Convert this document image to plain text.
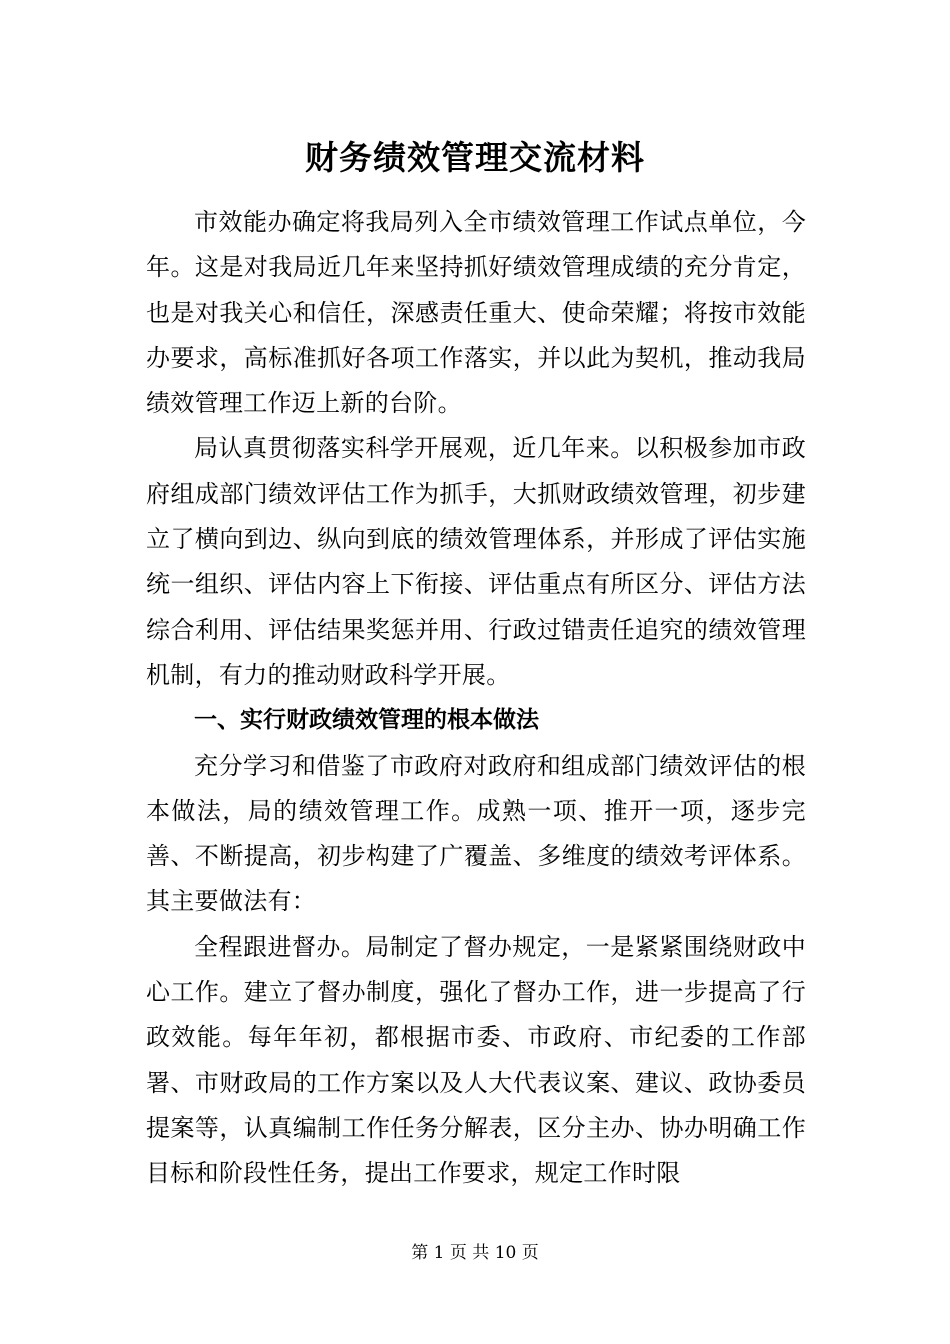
财务绩效管理交流材料

市效能办确定将我局列入全市绩效管理工作试点单位，今年。这是对我局近几年来坚持抓好绩效管理成绩的充分肯定，也是对我关心和信任，深感责任重大、使命荣耀；将按市效能办要求，高标准抓好各项工作落实，并以此为契机，推动我局绩效管理工作迈上新的台阶。

局认真贯彻落实科学开展观，近几年来。以积极参加市政府组成部门绩效评估工作为抓手，大抓财政绩效管理，初步建立了横向到边、纵向到底的绩效管理体系，并形成了评估实施统一组织、评估内容上下衔接、评估重点有所区分、评估方法综合利用、评估结果奖惩并用、行政过错责任追究的绩效管理机制，有力的推动财政科学开展。

一、实行财政绩效管理的根本做法

充分学习和借鉴了市政府对政府和组成部门绩效评估的根本做法，局的绩效管理工作。成熟一项、推开一项，逐步完善、不断提高，初步构建了广覆盖、多维度的绩效考评体系。其主要做法有：

全程跟进督办。局制定了督办规定，一是紧紧围绕财政中心工作。建立了督办制度，强化了督办工作，进一步提高了行政效能。每年年初，都根据市委、市政府、市纪委的工作部署、市财政局的工作方案以及人大代表议案、建议、政协委员提案等，认真编制工作任务分解表，区分主办、协办明确工作目标和阶段性任务，提出工作要求，规定工作时限

第 1 页 共 10 页
